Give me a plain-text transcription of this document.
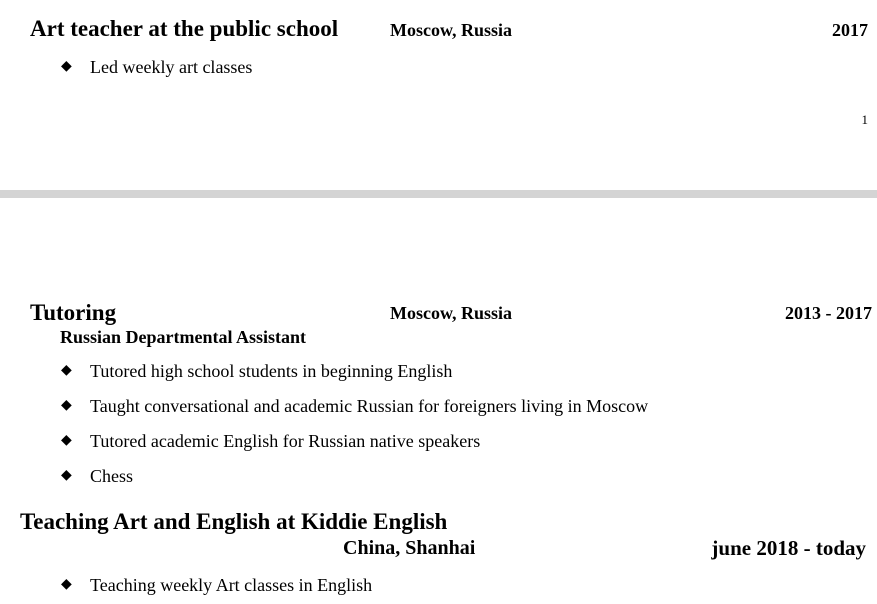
Art teacher at the public school	Moscow, Russia	2017
◆ Led weekly art classes
1
Tutoring	Moscow, Russia	2013 - 2017
Russian Departmental Assistant
◆ Tutored high school students in beginning English
◆ Taught conversational and academic Russian for foreigners living in Moscow
◆ Tutored academic English for Russian native speakers
◆ Chess
Teaching Art and English at Kiddie English
China, Shanhai	june 2018 - today
◆ Teaching weekly Art classes in English
